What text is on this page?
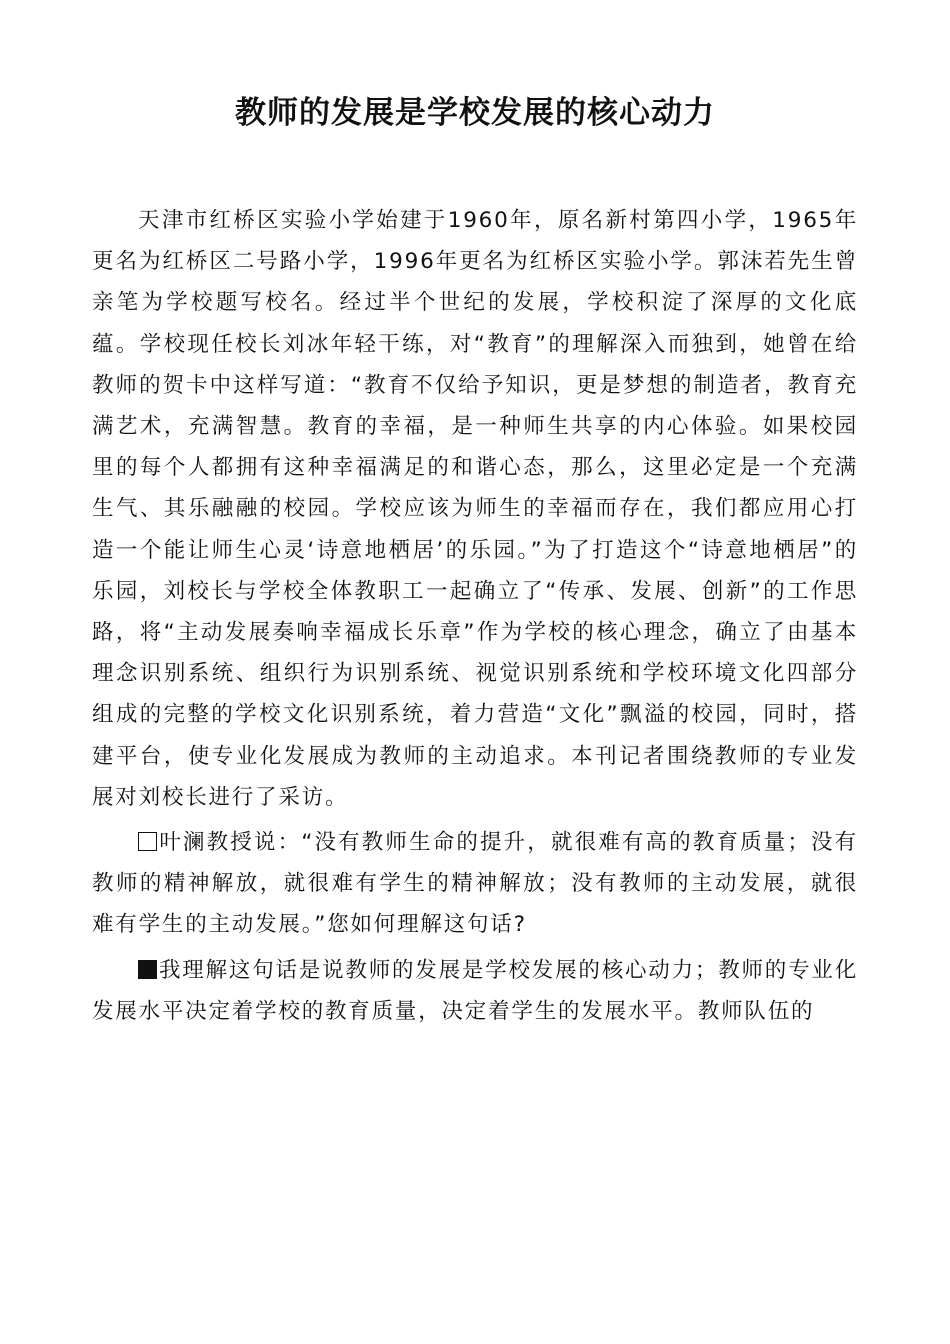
教师的发展是学校发展的核心动力

天津市红桥区实验小学始建于1960年，原名新村第四小学，1965年更名为红桥区二号路小学，1996年更名为红桥区实验小学。郭沫若先生曾亲笔为学校题写校名。经过半个世纪的发展，学校积淀了深厚的文化底蕴。学校现任校长刘冰年轻干练，对“教育”的理解深入而独到，她曾在给教师的贺卡中这样写道：“教育不仅给予知识，更是梦想的制造者，教育充满艺术，充满智慧。教育的幸福，是一种师生共享的内心体验。如果校园里的每个人都拥有这种幸福满足的和谐心态，那么，这里必定是一个充满生气、其乐融融的校园。学校应该为师生的幸福而存在，我们都应用心打造一个能让师生心灵‘诗意地栖居’的乐园。”为了打造这个“诗意地栖居”的乐园，刘校长与学校全体教职工一起确立了“传承、发展、创新”的工作思路，将“主动发展奏响幸福成长乐章”作为学校的核心理念，确立了由基本理念识别系统、组织行为识别系统、视觉识别系统和学校环境文化四部分组成的完整的学校文化识别系统，着力营造“文化”飘溢的校园，同时，搭建平台，使专业化发展成为教师的主动追求。本刊记者围绕教师的专业发展对刘校长进行了采访。

叶澜教授说：“没有教师生命的提升，就很难有高的教育质量；没有教师的精神解放，就很难有学生的精神解放；没有教师的主动发展，就很难有学生的主动发展。”您如何理解这句话?

我理解这句话是说教师的发展是学校发展的核心动力；教师的专业化发展水平决定着学校的教育质量，决定着学生的发展水平。教师队伍的
